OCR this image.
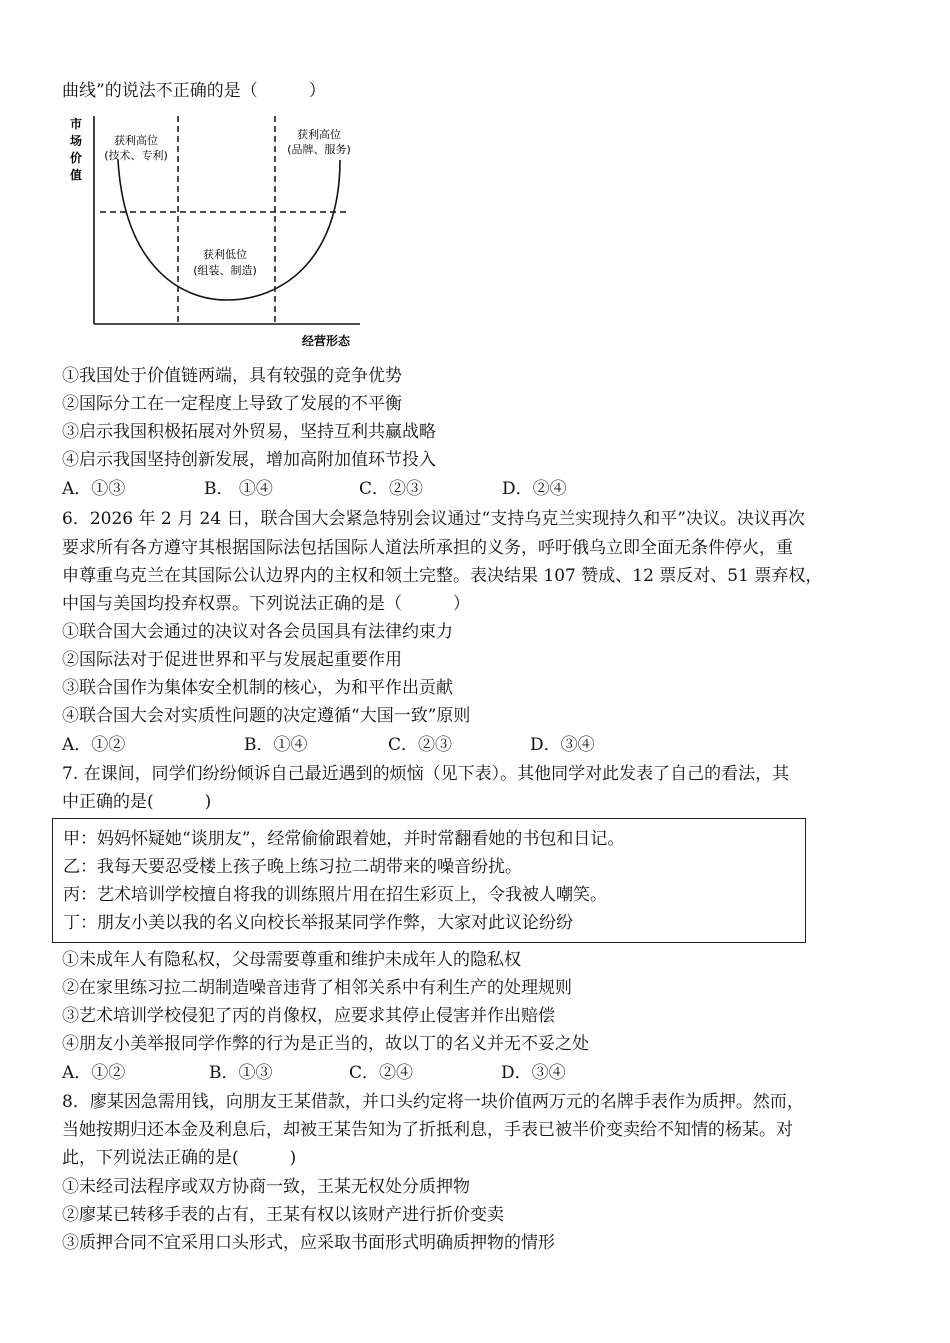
曲线”的说法不正确的是（　　　）
市
场
价
值
获利高位
(技术、专利)
获利高位
(品牌、服务)
获利低位
(组装、制造)
经营形态
①我国处于价值链两端，具有较强的竞争优势
②国际分工在一定程度上导致了发展的不平衡
③启示我国积极拓展对外贸易，坚持互利共赢战略
④启示我国坚持创新发展，增加高附加值环节投入
A．①③	B． ①④	C．②③	D．②④
6．2026 年 2 月 24 日，联合国大会紧急特别会议通过“支持乌克兰实现持久和平”决议。决议再次
要求所有各方遵守其根据国际法包括国际人道法所承担的义务，呼吁俄乌立即全面无条件停火，重
申尊重乌克兰在其国际公认边界内的主权和领土完整。表决结果 107 赞成、12 票反对、51 票弃权，
中国与美国均投弃权票。下列说法正确的是（　　　）
①联合国大会通过的决议对各会员国具有法律约束力
②国际法对于促进世界和平与发展起重要作用
③联合国作为集体安全机制的核心，为和平作出贡献
④联合国大会对实质性问题的决定遵循“大国一致”原则
A．①②	B．①④	C．②③	D．③④
7. 在课间，同学们纷纷倾诉自己最近遇到的烦恼（见下表）。其他同学对此发表了自己的看法，其
中正确的是(　　　)
甲：妈妈怀疑她“谈朋友”，经常偷偷跟着她，并时常翻看她的书包和日记。
乙：我每天要忍受楼上孩子晚上练习拉二胡带来的噪音纷扰。
丙：艺术培训学校擅自将我的训练照片用在招生彩页上，令我被人嘲笑。
丁：朋友小美以我的名义向校长举报某同学作弊，大家对此议论纷纷
①未成年人有隐私权，父母需要尊重和维护未成年人的隐私权
②在家里练习拉二胡制造噪音违背了相邻关系中有利生产的处理规则
③艺术培训学校侵犯了丙的肖像权，应要求其停止侵害并作出赔偿
④朋友小美举报同学作弊的行为是正当的，故以丁的名义并无不妥之处
A．①②	B．①③	C．②④	D．③④
8．廖某因急需用钱，向朋友王某借款，并口头约定将一块价值两万元的名牌手表作为质押。然而，
当她按期归还本金及利息后，却被王某告知为了折抵利息，手表已被半价变卖给不知情的杨某。对
此，下列说法正确的是(　　　)
①未经司法程序或双方协商一致，王某无权处分质押物
②廖某已转移手表的占有，王某有权以该财产进行折价变卖
③质押合同不宜采用口头形式，应采取书面形式明确质押物的情形
